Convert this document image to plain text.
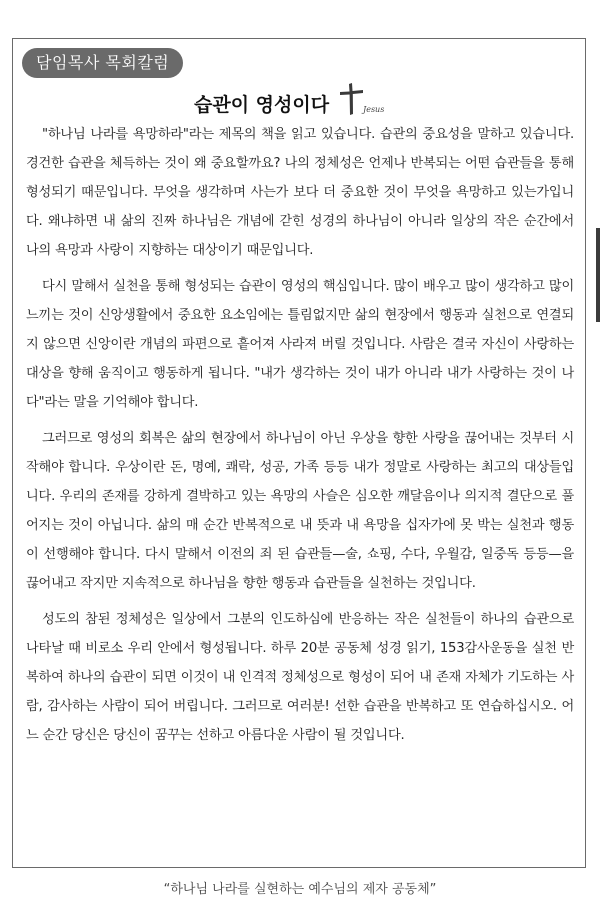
담임목사 목회칼럼
습관이 영성이다	Jesus

"하나님 나라를 욕망하라"라는 제목의 책을 읽고 있습니다. 습관의 중요성을 말하고 있습니다. 경건한 습관을 체득하는 것이 왜 중요할까요? 나의 정체성은 언제나 반복되는 어떤 습관들을 통해 형성되기 때문입니다. 무엇을 생각하며 사는가 보다 더 중요한 것이 무엇을 욕망하고 있는가입니다. 왜냐하면 내 삶의 진짜 하나님은 개념에 갇힌 성경의 하나님이 아니라 일상의 작은 순간에서 나의 욕망과 사랑이 지향하는 대상이기 때문입니다.

다시 말해서 실천을 통해 형성되는 습관이 영성의 핵심입니다. 많이 배우고 많이 생각하고 많이 느끼는 것이 신앙생활에서 중요한 요소임에는 틀림없지만 삶의 현장에서 행동과 실천으로 연결되지 않으면 신앙이란 개념의 파편으로 흩어져 사라져 버릴 것입니다. 사람은 결국 자신이 사랑하는 대상을 향해 움직이고 행동하게 됩니다. "내가 생각하는 것이 내가 아니라 내가 사랑하는 것이 나다"라는 말을 기억해야 합니다.

그러므로 영성의 회복은 삶의 현장에서 하나님이 아닌 우상을 향한 사랑을 끊어내는 것부터 시작해야 합니다. 우상이란 돈, 명예, 쾌락, 성공, 가족 등등 내가 정말로 사랑하는 최고의 대상들입니다. 우리의 존재를 강하게 결박하고 있는 욕망의 사슬은 심오한 깨달음이나 의지적 결단으로 풀어지는 것이 아닙니다. 삶의 매 순간 반복적으로 내 뜻과 내 욕망을 십자가에 못 박는 실천과 행동이 선행해야 합니다. 다시 말해서 이전의 죄 된 습관들—술, 쇼핑, 수다, 우월감, 일중독 등등—을 끊어내고 작지만 지속적으로 하나님을 향한 행동과 습관들을 실천하는 것입니다.

성도의 참된 정체성은 일상에서 그분의 인도하심에 반응하는 작은 실천들이 하나의 습관으로 나타날 때 비로소 우리 안에서 형성됩니다. 하루 20분 공동체 성경 읽기, 153감사운동을 실천 반복하여 하나의 습관이 되면 이것이 내 인격적 정체성으로 형성이 되어 내 존재 자체가 기도하는 사람, 감사하는 사람이 되어 버립니다. 그러므로 여러분! 선한 습관을 반복하고 또 연습하십시오. 어느 순간 당신은 당신이 꿈꾸는 선하고 아름다운 사람이 될 것입니다.

“하나님 나라를 실현하는 예수님의 제자 공동체”
